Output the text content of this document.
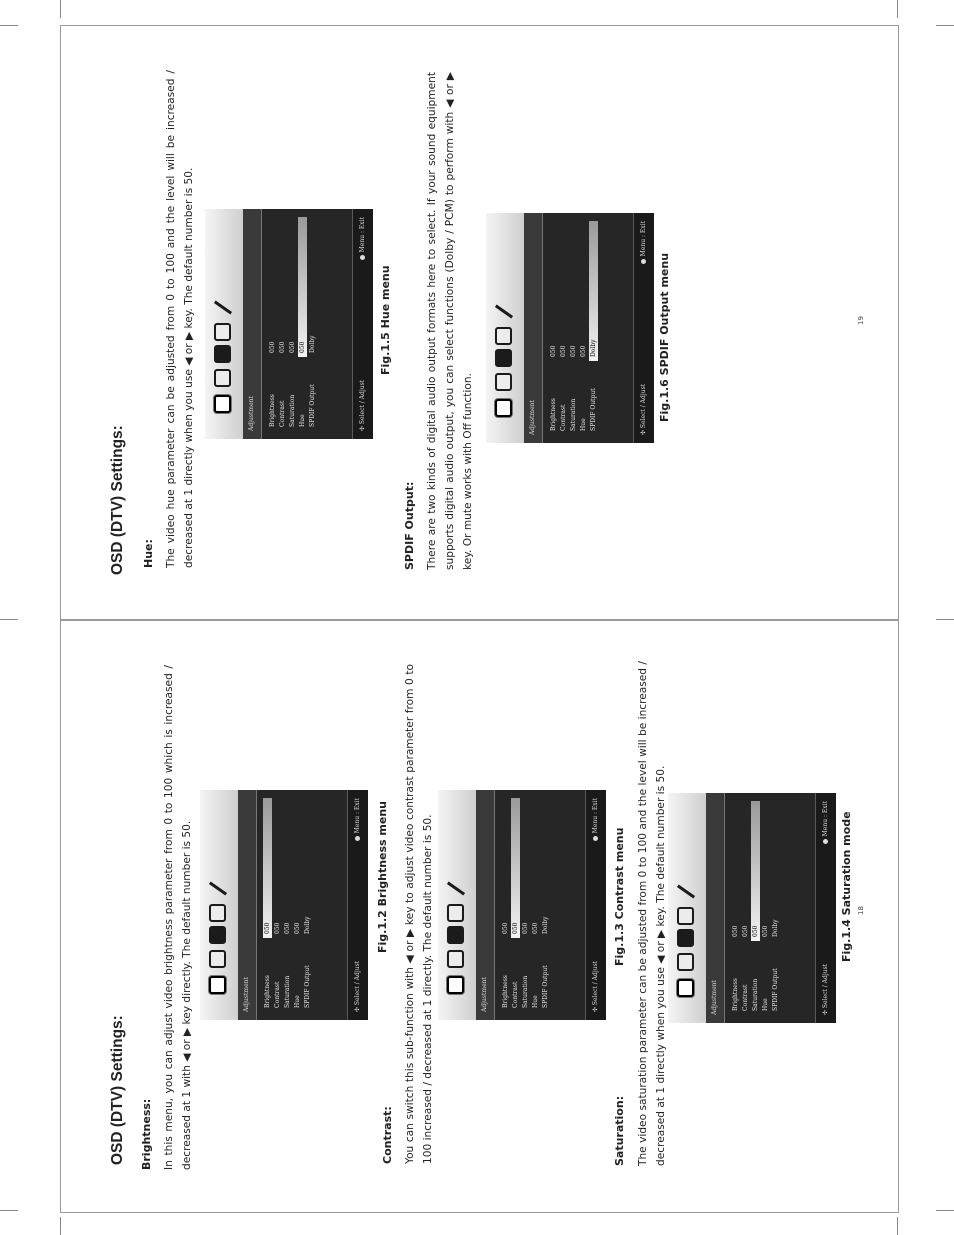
OSD (DTV) Settings: Brightness: In this menu, you can adjust video brightness parameter from 0 to 100 which is increased / decreased at 1 with ◀ or ▶ key directly. The default number is 50.	Adjustment	Brightness
050
Contrast
050
Saturation
050
Hue
050
SPDIF Output
Dolby
✣ Select / Adjust
Menu : Exit Fig.1.2 Brightness menu
Contrast: You can switch this sub-function with ◀ or ▶ key to adjust video contrast parameter from 0 to 100 increased / decreased at 1 directly. The default number is 50.	Adjustment	Brightness
050
Contrast
050
Saturation
050
Hue
050
SPDIF Output
Dolby
✣ Select / Adjust
Menu : Exit
Fig.1.3 Contrast menu
Saturation: The video saturation parameter can be adjusted from 0 to 100 and the level will be increased / decreased at 1 directly when you use ◀ or ▶ key. The default number is 50.	Adjustment	Brightness
050
Contrast
050
Saturation
050
Hue
050
SPDIF Output
Dolby
✣ Select / Adjust
Menu : Exit Fig.1.4 Saturation mode 18
OSD (DTV) Settings: Hue: The video hue parameter can be adjusted from 0 to 100 and the level will be increased / decreased at 1 directly when you use ◀ or ▶ key. The default number is 50.	Adjustment	Brightness
050
Contrast
050
Saturation
050
Hue
050
SPDIF Output
Dolby
✣ Select / Adjust
Menu : Exit
Fig.1.5 Hue menu
SPDIF Output: There are two kinds of digital audio output formats here to select. If your sound equipment supports digital audio output, you can select functions (Dolby / PCM) to perform with ◀ or ▶ key. Or mute works with Off function.	Adjustment	Brightness
050
Contrast
050
Saturation
050
Hue
050
SPDIF Output
Dolby
✣ Select / Adjust
Menu : Exit
Fig.1.6 SPDIF Output menu	19
